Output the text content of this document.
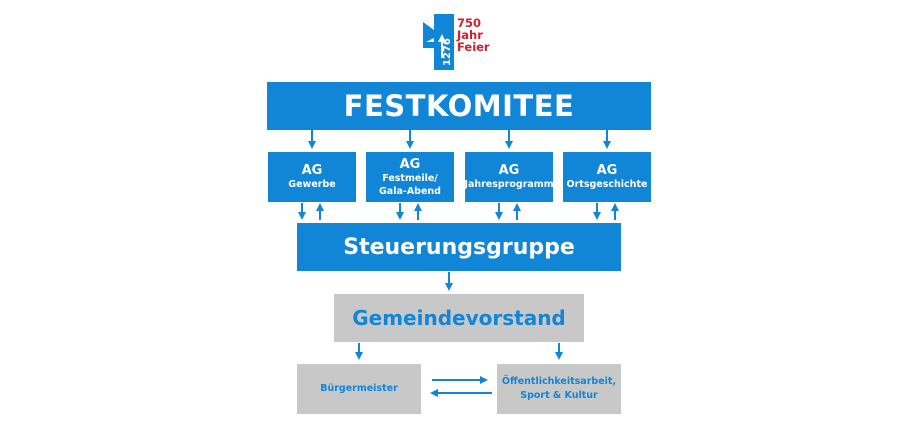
1276
750
Jahr
Feier
FESTKOMITEE
AG
Gewerbe
AG
Festmeile/
Gala-Abend
AG
Jahresprogramm
AG
Ortsgeschichte
Steuerungsgruppe
Gemeindevorstand
Bürgermeister
Öffentlichkeitsarbeit,
Sport & Kultur
